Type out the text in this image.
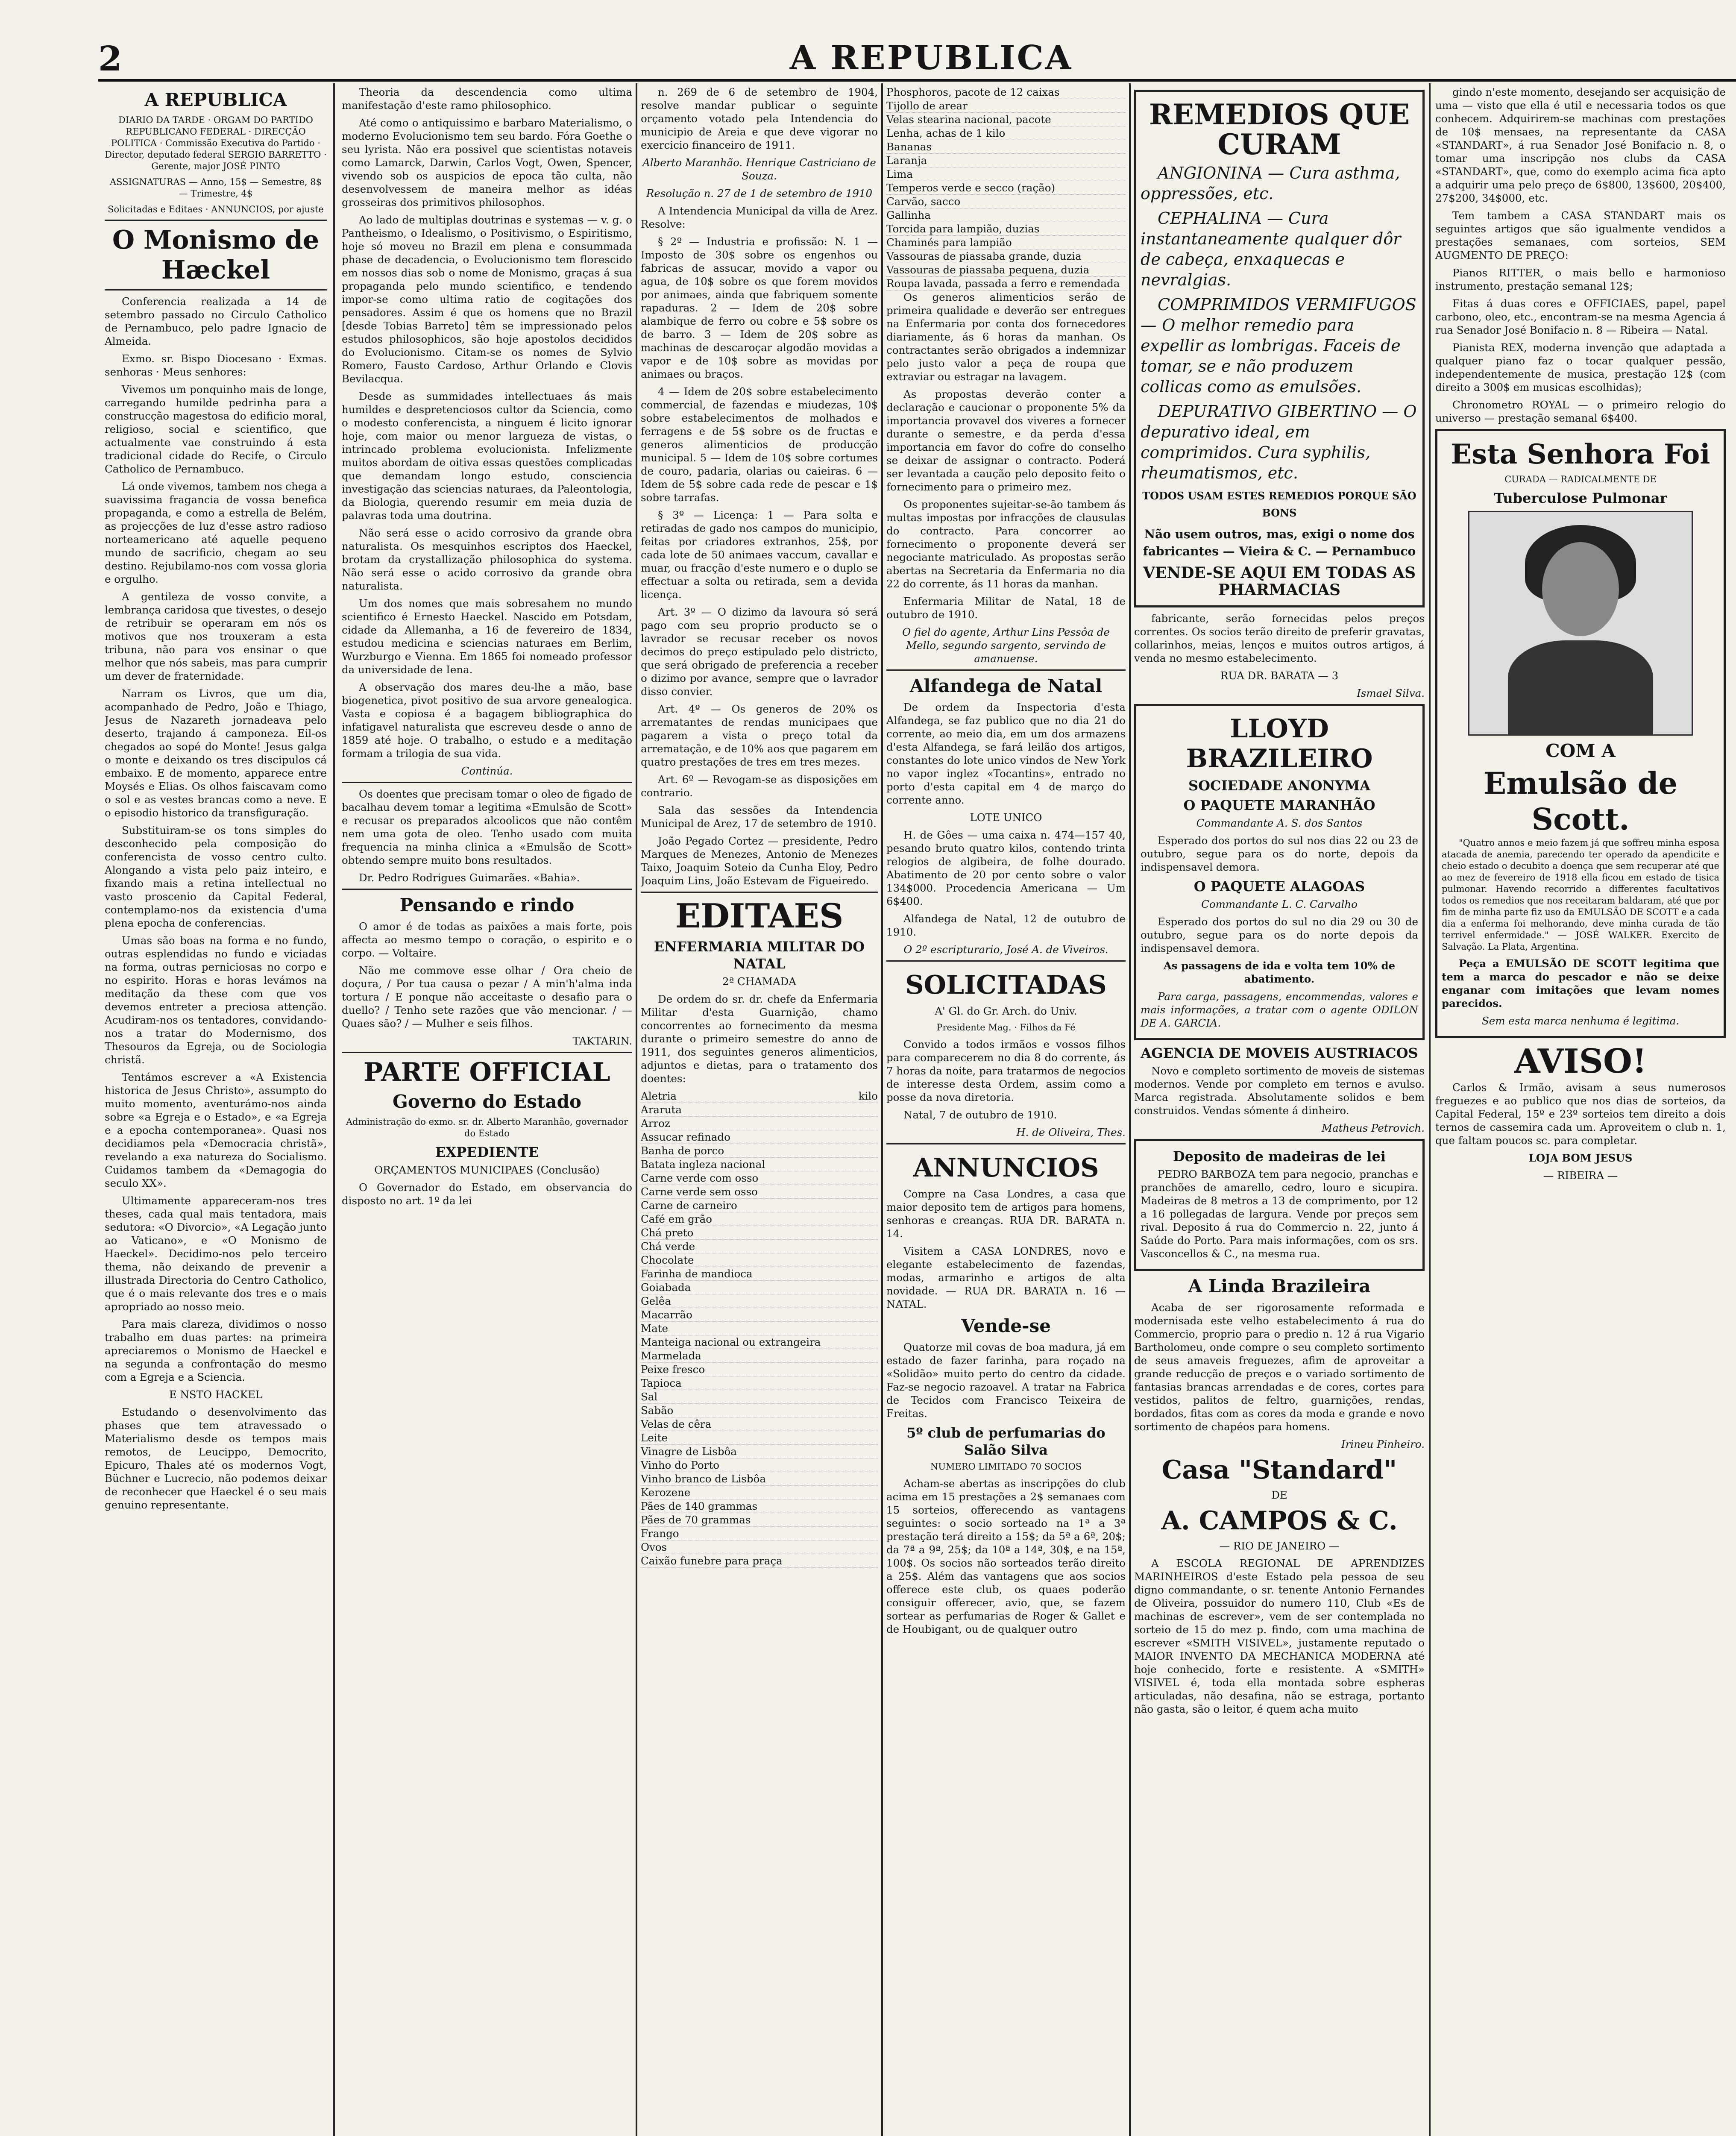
2	A REPUBLICA
A REPUBLICA

DIARIO DA TARDE · ORGAM DO PARTIDO REPUBLICANO FEDERAL · DIRECÇÃO POLITICA · Commissão Executiva do Partido · Director, deputado federal SERGIO BARRETTO · Gerente, major JOSÉ PINTO

ASSIGNATURAS — Anno, 15$ — Semestre, 8$ — Trimestre, 4$

Solicitadas e Editaes · ANNUNCIOS, por ajuste

O Monismo de Hæckel

Conferencia realizada a 14 de setembro passado no Circulo Catholico de Pernambuco, pelo padre Ignacio de Almeida.

Exmo. sr. Bispo Diocesano · Exmas. senhoras · Meus senhores:

Vivemos um ponquinho mais de longe, carregando humilde pedrinha para a construcção magestosa do edificio moral, religioso, social e scientifico, que actualmente vae construindo á esta tradicional cidade do Recife, o Circulo Catholico de Pernambuco.

Lá onde vivemos, tambem nos chega a suavissima fragancia de vossa benefica propaganda, e como a estrella de Belém, as projecções de luz d'esse astro radioso norteamericano até aquelle pequeno mundo de sacrificio, chegam ao seu destino. Rejubilamo-nos com vossa gloria e orgulho.

A gentileza de vosso convite, a lembrança caridosa que tivestes, o desejo de retribuir se operaram em nós os motivos que nos trouxeram a esta tribuna, não para vos ensinar o que melhor que nós sabeis, mas para cumprir um dever de fraternidade.

Narram os Livros, que um dia, acompanhado de Pedro, João e Thiago, Jesus de Nazareth jornadeava pelo deserto, trajando á camponeza. Eil-os chegados ao sopé do Monte! Jesus galga o monte e deixando os tres discipulos cá embaixo. E de momento, apparece entre Moysés e Elias. Os olhos faiscavam como o sol e as vestes brancas como a neve. E o episodio historico da transfiguração.

Substituiram-se os tons simples do desconhecido pela composição do conferencista de vosso centro culto. Alongando a vista pelo paiz inteiro, e fixando mais a retina intellectual no vasto proscenio da Capital Federal, contemplamo-nos da existencia d'uma plena epocha de conferencias.

Umas são boas na forma e no fundo, outras esplendidas no fundo e viciadas na forma, outras perniciosas no corpo e no espirito. Horas e horas levámos na meditação da these com que vos devemos entreter a preciosa attenção. Acudiram-nos os tentadores, convidando-nos a tratar do Modernismo, dos Thesouros da Egreja, ou de Sociologia christã.

Tentámos escrever a «A Existencia historica de Jesus Christo», assumpto do muito momento, aventurámo-nos ainda sobre «a Egreja e o Estado», e «a Egreja e a epocha contemporanea». Quasi nos decidiamos pela «Democracia christã», revelando a exa natureza do Socialismo. Cuidamos tambem da «Demagogia do seculo XX».

Ultimamente appareceram-nos tres theses, cada qual mais tentadora, mais sedutora: «O Divorcio», «A Legação junto ao Vaticano», e «O Monismo de Haeckel». Decidimo-nos pelo terceiro thema, não deixando de prevenir a illustrada Directoria do Centro Catholico, que é o mais relevante dos tres e o mais apropriado ao nosso meio.

Para mais clareza, dividimos o nosso trabalho em duas partes: na primeira apreciaremos o Monismo de Haeckel e na segunda a confrontação do mesmo com a Egreja e a Sciencia.

E NSTO HACKEL

Estudando o desenvolvimento das phases que tem atravessado o Materialismo desde os tempos mais remotos, de Leucippo, Democrito, Epicuro, Thales até os modernos Vogt, Büchner e Lucrecio, não podemos deixar de reconhecer que Haeckel é o seu mais genuino representante.

Theoria da descendencia como ultima manifestação d'este ramo philosophico.

Até como o antiquissimo e barbaro Materialismo, o moderno Evolucionismo tem seu bardo. Fóra Goethe o seu lyrista. Não era possivel que scientistas notaveis como Lamarck, Darwin, Carlos Vogt, Owen, Spencer, vivendo sob os auspicios de epoca tão culta, não desenvolvessem de maneira melhor as idéas grosseiras dos primitivos philosophos.

Ao lado de multiplas doutrinas e systemas — v. g. o Pantheismo, o Idealismo, o Positivismo, o Espiritismo, hoje só moveu no Brazil em plena e consummada phase de decadencia, o Evolucionismo tem florescido em nossos dias sob o nome de Monismo, graças á sua propaganda pelo mundo scientifico, e tendendo impor-se como ultima ratio de cogitações dos pensadores. Assim é que os homens que no Brazil [desde Tobias Barreto] têm se impressionado pelos estudos philosophicos, são hoje apostolos decididos do Evolucionismo. Citam-se os nomes de Sylvio Romero, Fausto Cardoso, Arthur Orlando e Clovis Bevilacqua.

Desde as summidades intellectuaes ás mais humildes e despretenciosos cultor da Sciencia, como o modesto conferencista, a ninguem é licito ignorar hoje, com maior ou menor largueza de vistas, o intrincado problema evolucionista. Infelizmente muitos abordam de oitiva essas questões complicadas que demandam longo estudo, consciencia investigação das sciencias naturaes, da Paleontologia, da Biologia, querendo resumir em meia duzia de palavras toda uma doutrina.

Não será esse o acido corrosivo da grande obra naturalista. Os mesquinhos escriptos dos Haeckel, brotam da crystallização philosophica do systema. Não será esse o acido corrosivo da grande obra naturalista.

Um dos nomes que mais sobresahem no mundo scientifico é Ernesto Haeckel. Nascido em Potsdam, cidade da Allemanha, a 16 de fevereiro de 1834, estudou medicina e sciencias naturaes em Berlim, Wurzburgo e Vienna. Em 1865 foi nomeado professor da universidade de Iena.

A observação dos mares deu-lhe a mão, base biogenetica, pivot positivo de sua arvore genealogica. Vasta e copiosa é a bagagem bibliographica do infatigavel naturalista que escreveu desde o anno de 1859 até hoje. O trabalho, o estudo e a meditação formam a trilogia de sua vida.

Continúa.

Os doentes que precisam tomar o oleo de figado de bacalhau devem tomar a legitima «Emulsão de Scott» e recusar os preparados alcoolicos que não contêm nem uma gota de oleo. Tenho usado com muita frequencia na minha clinica a «Emulsão de Scott» obtendo sempre muito bons resultados.

Dr. Pedro Rodrigues Guimarães. «Bahia».

Pensando e rindo

O amor é de todas as paixões a mais forte, pois affecta ao mesmo tempo o coração, o espirito e o corpo. — Voltaire.

Não me commove esse olhar / Ora cheio de doçura, / Por tua causa o pezar / A min'h'alma inda tortura / E ponque não acceitaste o desafio para o duello? / Tenho sete razões que vão mencionar. / — Quaes são? / — Mulher e seis filhos.

TAKTARIN.

PARTE OFFICIAL
Governo do Estado

Administração do exmo. sr. dr. Alberto Maranhão, governador do Estado

EXPEDIENTE

ORÇAMENTOS MUNICIPAES (Conclusão)

O Governador do Estado, em observancia do disposto no art. 1º da lei

n. 269 de 6 de setembro de 1904, resolve mandar publicar o seguinte orçamento votado pela Intendencia do municipio de Areia e que deve vigorar no exercicio financeiro de 1911.

Alberto Maranhão. Henrique Castriciano de Souza.

Resolução n. 27 de 1 de setembro de 1910

A Intendencia Municipal da villa de Arez. Resolve:

§ 2º — Industria e profissão: N. 1 — Imposto de 30$ sobre os engenhos ou fabricas de assucar, movido a vapor ou agua, de 10$ sobre os que forem movidos por animaes, ainda que fabriquem somente rapaduras. 2 — Idem de 20$ sobre alambique de ferro ou cobre e 5$ sobre os de barro. 3 — Idem de 20$ sobre as machinas de descaroçar algodão movidas a vapor e de 10$ sobre as movidas por animaes ou braços.

4 — Idem de 20$ sobre estabelecimento commercial, de fazendas e miudezas, 10$ sobre estabelecimentos de molhados e ferragens e de 5$ sobre os de fructas e generos alimenticios de producção municipal. 5 — Idem de 10$ sobre cortumes de couro, padaria, olarias ou caieiras. 6 — Idem de 5$ sobre cada rede de pescar e 1$ sobre tarrafas.

§ 3º — Licença: 1 — Para solta e retiradas de gado nos campos do municipio, feitas por criadores extranhos, 25$, por cada lote de 50 animaes vaccum, cavallar e muar, ou fracção d'este numero e o duplo se effectuar a solta ou retirada, sem a devida licença.

Art. 3º — O dizimo da lavoura só será pago com seu proprio producto se o lavrador se recusar receber os novos decimos do preço estipulado pelo districto, que será obrigado de preferencia a receber o dizimo por avance, sempre que o lavrador disso convier.

Art. 4º — Os generos de 20% os arrematantes de rendas municipaes que pagarem a vista o preço total da arrematação, e de 10% aos que pagarem em quatro prestações de tres em tres mezes.

Art. 6º — Revogam-se as disposições em contrario.

Sala das sessões da Intendencia Municipal de Arez, 17 de setembro de 1910.

João Pegado Cortez — presidente, Pedro Marques de Menezes, Antonio de Menezes Taixo, Joaquim Soteio da Cunha Eloy, Pedro Joaquim Lins, João Estevam de Figueiredo.

EDITAES
ENFERMARIA MILITAR DO NATAL

2ª CHAMADA

De ordem do sr. dr. chefe da Enfermaria Militar d'esta Guarnição, chamo concorrentes ao fornecimento da mesma durante o primeiro semestre do anno de 1911, dos seguintes generos alimenticios, adjuntos e dietas, para o tratamento dos doentes:

Aletria	kilo
Araruta
Arroz
Assucar refinado
Banha de porco
Batata ingleza nacional
Carne verde com osso
Carne verde sem osso
Carne de carneiro
Café em grão
Chá preto
Chá verde
Chocolate
Farinha de mandioca
Goiabada
Gelêa
Macarrão
Mate
Manteiga nacional ou extrangeira
Marmelada
Peixe fresco
Tapioca
Sal
Sabão
Velas de cêra
Leite
Vinagre de Lisbôa
Vinho do Porto
Vinho branco de Lisbôa
Kerozene
Pães de 140 grammas
Pães de 70 grammas
Frango
Ovos
Caixão funebre para praça
Phosphoros, pacote de 12 caixas
Tijollo de arear
Velas stearina nacional, pacote
Lenha, achas de 1 kilo
Bananas
Laranja
Lima
Temperos verde e secco (ração)
Carvão, sacco
Gallinha
Torcida para lampião, duzias
Chaminés para lampião
Vassouras de piassaba grande, duzia
Vassouras de piassaba pequena, duzia
Roupa lavada, passada a ferro e remendada

Os generos alimenticios serão de primeira qualidade e deverão ser entregues na Enfermaria por conta dos fornecedores diariamente, ás 6 horas da manhan. Os contractantes serão obrigados a indemnizar pelo justo valor a peça de roupa que extraviar ou estragar na lavagem.

As propostas deverão conter a declaração e caucionar o proponente 5% da importancia provavel dos viveres a fornecer durante o semestre, e da perda d'essa importancia em favor do cofre do conselho se deixar de assignar o contracto. Poderá ser levantada a caução pelo deposito feito o fornecimento para o primeiro mez.

Os proponentes sujeitar-se-ão tambem ás multas impostas por infracções de clausulas do contracto. Para concorrer ao fornecimento o proponente deverá ser negociante matriculado. As propostas serão abertas na Secretaria da Enfermaria no dia 22 do corrente, ás 11 horas da manhan.

Enfermaria Militar de Natal, 18 de outubro de 1910.

O fiel do agente, Arthur Lins Pessôa de Mello, segundo sargento, servindo de amanuense.

Alfandega de Natal

De ordem da Inspectoria d'esta Alfandega, se faz publico que no dia 21 do corrente, ao meio dia, em um dos armazens d'esta Alfandega, se fará leilão dos artigos, constantes do lote unico vindos de New York no vapor inglez «Tocantins», entrado no porto d'esta capital em 4 de março do corrente anno.

LOTE UNICO

H. de Gôes — uma caixa n. 474—157 40, pesando bruto quatro kilos, contendo trinta relogios de algibeira, de folhe dourado. Abatimento de 20 por cento sobre o valor 134$000. Procedencia Americana — Um 6$400.

Alfandega de Natal, 12 de outubro de 1910.

O 2º escripturario, José A. de Viveiros.

SOLICITADAS

A' Gl. do Gr. Arch. do Univ.

Presidente Mag. · Filhos da Fé

Convido a todos irmãos e vossos filhos para comparecerem no dia 8 do corrente, ás 7 horas da noite, para tratarmos de negocios de interesse desta Ordem, assim como a posse da nova diretoria.

Natal, 7 de outubro de 1910.

H. de Oliveira, Thes.

ANNUNCIOS

Compre na Casa Londres, a casa que maior deposito tem de artigos para homens, senhoras e creanças. RUA DR. BARATA n. 14.

Visitem a CASA LONDRES, novo e elegante estabelecimento de fazendas, modas, armarinho e artigos de alta novidade. — RUA DR. BARATA n. 16 — NATAL.

Vende-se

Quatorze mil covas de boa madura, já em estado de fazer farinha, para roçado na «Solidão» muito perto do centro da cidade. Faz-se negocio razoavel. A tratar na Fabrica de Tecidos com Francisco Teixeira de Freitas.

5º club de perfumarias do Salão Silva

NUMERO LIMITADO 70 SOCIOS

Acham-se abertas as inscripções do club acima em 15 prestações a 2$ semanaes com 15 sorteios, offerecendo as vantagens seguintes: o socio sorteado na 1ª a 3ª prestação terá direito a 15$; da 5ª a 6ª, 20$; da 7ª a 9ª, 25$; da 10ª a 14ª, 30$, e na 15ª, 100$. Os socios não sorteados terão direito a 25$. Além das vantagens que aos socios offerece este club, os quaes poderão consiguir offerecer, avio, que, se fazem sortear as perfumarias de Roger & Gallet e de Houbigant, ou de qualquer outro

REMEDIOS QUE CURAM

ANGIONINA — Cura asthma, oppressões, etc.

CEPHALINA — Cura instantaneamente qualquer dôr de cabeça, enxaquecas e nevralgias.

COMPRIMIDOS VERMIFUGOS — O melhor remedio para expellir as lombrigas. Faceis de tomar, se e não produzem collicas como as emulsões.

DEPURATIVO GIBERTINO — O depurativo ideal, em comprimidos. Cura syphilis, rheumatismos, etc.

TODOS USAM ESTES REMEDIOS PORQUE SÃO BONS

Não usem outros, mas, exigi o nome dos fabricantes — Vieira & C. — Pernambuco

VENDE-SE AQUI EM TODAS AS PHARMACIAS

fabricante, serão fornecidas pelos preços correntes. Os socios terão direito de preferir gravatas, collarinhos, meias, lenços e muitos outros artigos, á venda no mesmo estabelecimento.

RUA DR. BARATA — 3

Ismael Silva.

LLOYD BRAZILEIRO
SOCIEDADE ANONYMA
O PAQUETE MARANHÃO

Commandante A. S. dos Santos

Esperado dos portos do sul nos dias 22 ou 23 de outubro, segue para os do norte, depois da indispensavel demora.

O PAQUETE ALAGOAS

Commandante L. C. Carvalho

Esperado dos portos do sul no dia 29 ou 30 de outubro, segue para os do norte depois da indispensavel demora.

As passagens de ida e volta tem 10% de abatimento.

Para carga, passagens, encommendas, valores e mais informações, a tratar com o agente ODILON DE A. GARCIA.

AGENCIA DE MOVEIS AUSTRIACOS

Novo e completo sortimento de moveis de sistemas modernos. Vende por completo em ternos e avulso. Marca registrada. Absolutamente solidos e bem construidos. Vendas sómente á dinheiro.

Matheus Petrovich.

Deposito de madeiras de lei

PEDRO BARBOZA tem para negocio, pranchas e pranchões de amarello, cedro, louro e sicupira. Madeiras de 8 metros a 13 de comprimento, por 12 a 16 pollegadas de largura. Vende por preços sem rival. Deposito á rua do Commercio n. 22, junto á Saúde do Porto. Para mais informações, com os srs. Vasconcellos & C., na mesma rua.

A Linda Brazileira

Acaba de ser rigorosamente reformada e modernisada este velho estabelecimento á rua do Commercio, proprio para o predio n. 12 á rua Vigario Bartholomeu, onde compre o seu completo sortimento de seus amaveis freguezes, afim de aproveitar a grande reducção de preços e o variado sortimento de fantasias brancas arrendadas e de cores, cortes para vestidos, palitos de feltro, guarnições, rendas, bordados, fitas com as cores da moda e grande e novo sortimento de chapéos para homens.

Irineu Pinheiro.

Casa "Standard"

DE

A. CAMPOS & C.

— RIO DE JANEIRO —

A ESCOLA REGIONAL DE APRENDIZES MARINHEIROS d'este Estado pela pessoa de seu digno commandante, o sr. tenente Antonio Fernandes de Oliveira, possuidor do numero 110, Club «Es de machinas de escrever», vem de ser contemplada no sorteio de 15 do mez p. findo, com uma machina de escrever «SMITH VISIVEL», justamente reputado o MAIOR INVENTO DA MECHANICA MODERNA até hoje conhecido, forte e resistente. A «SMITH» VISIVEL é, toda ella montada sobre espheras articuladas, não desafina, não se estraga, portanto não gasta, são o leitor, é quem acha muito

gindo n'este momento, desejando ser acquisição de uma — visto que ella é util e necessaria todos os que conhecem. Adquirirem-se machinas com prestações de 10$ mensaes, na representante da CASA «STANDART», á rua Senador José Bonifacio n. 8, o tomar uma inscripção nos clubs da CASA «STANDART», que, como do exemplo acima fica apto a adquirir uma pelo preço de 6$800, 13$600, 20$400, 27$200, 34$000, etc.

Tem tambem a CASA STANDART mais os seguintes artigos que são igualmente vendidos a prestações semanaes, com sorteios, SEM AUGMENTO DE PREÇO:

Pianos RITTER, o mais bello e harmonioso instrumento, prestação semanal 12$;

Fitas á duas cores e OFFICIAES, papel, papel carbono, oleo, etc., encontram-se na mesma Agencia á rua Senador José Bonifacio n. 8 — Ribeira — Natal.

Pianista REX, moderna invenção que adaptada a qualquer piano faz o tocar qualquer pessão, independentemente de musica, prestação 12$ (com direito a 300$ em musicas escolhidas);

Chronometro ROYAL — o primeiro relogio do universo — prestação semanal 6$400.

Esta Senhora Foi

CURADA — RADICALMENTE DE

Tuberculose Pulmonar
COM A
Emulsão de Scott.

"Quatro annos e meio fazem já que soffreu minha esposa atacada de anemia, parecendo ter operado da apendicite e cheio estado o decubito a doença que sem recuperar até que ao mez de fevereiro de 1918 ella ficou em estado de tisica pulmonar. Havendo recorrido a differentes facultativos todos os remedios que nos receitaram baldaram, até que por fim de minha parte fiz uso da EMULSÃO DE SCOTT e a cada dia a enferma foi melhorando, deve minha curada de tão terrivel enfermidade." — JOSÉ WALKER. Exercito de Salvação. La Plata, Argentina.

Peça a EMULSÃO DE SCOTT legitima que tem a marca do pescador e não se deixe enganar com imitações que levam nomes parecidos.

Sem esta marca nenhuma é legitima.

AVISO!

Carlos & Irmão, avisam a seus numerosos freguezes e ao publico que nos dias de sorteios, da Capital Federal, 15º e 23º sorteios tem direito a dois ternos de cassemira cada um. Aproveitem o club n. 1, que faltam poucos sc. para completar.

LOJA BOM JESUS

— RIBEIRA —
